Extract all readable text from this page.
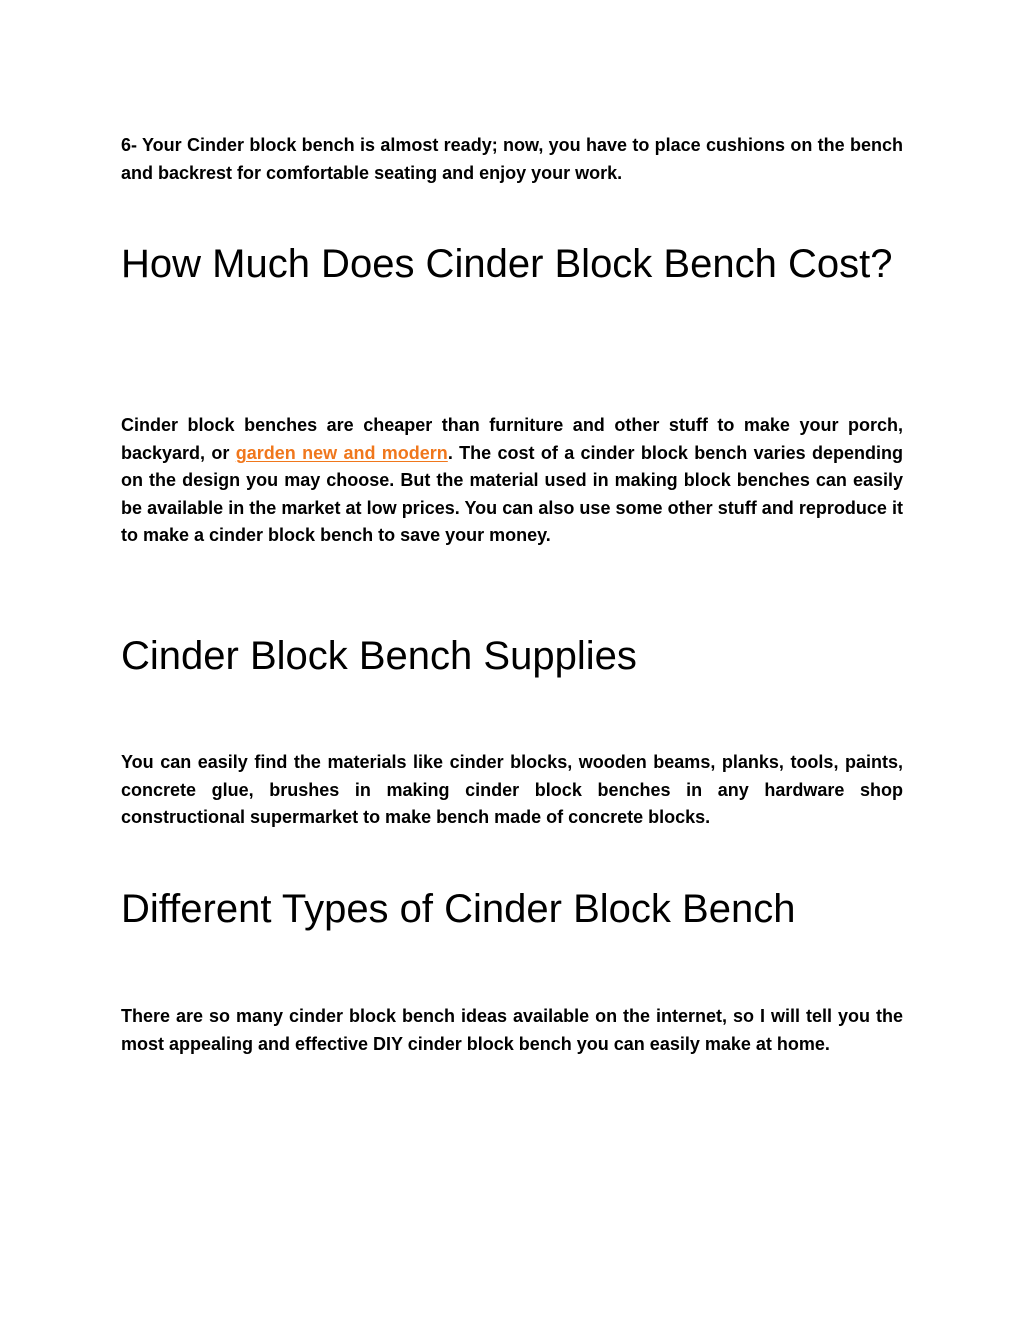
6- Your Cinder block bench is almost ready; now, you have to place cushions on the bench and backrest for comfortable seating and enjoy your work.

How Much Does Cinder Block Bench Cost?

Cinder block benches are cheaper than furniture and other stuff to make your porch, backyard, or garden new and modern. The cost of a cinder block bench varies depending on the design you may choose. But the material used in making block benches can easily be available in the market at low prices. You can also use some other stuff and reproduce it to make a cinder block bench to save your money.

Cinder Block Bench Supplies

You can easily find the materials like cinder blocks, wooden beams, planks, tools, paints, concrete glue, brushes in making cinder block benches in any hardware shop constructional supermarket to make bench made of concrete blocks.

Different Types of Cinder Block Bench

There are so many cinder block bench ideas available on the internet, so I will tell you the most appealing and effective DIY cinder block bench you can easily make at home.
